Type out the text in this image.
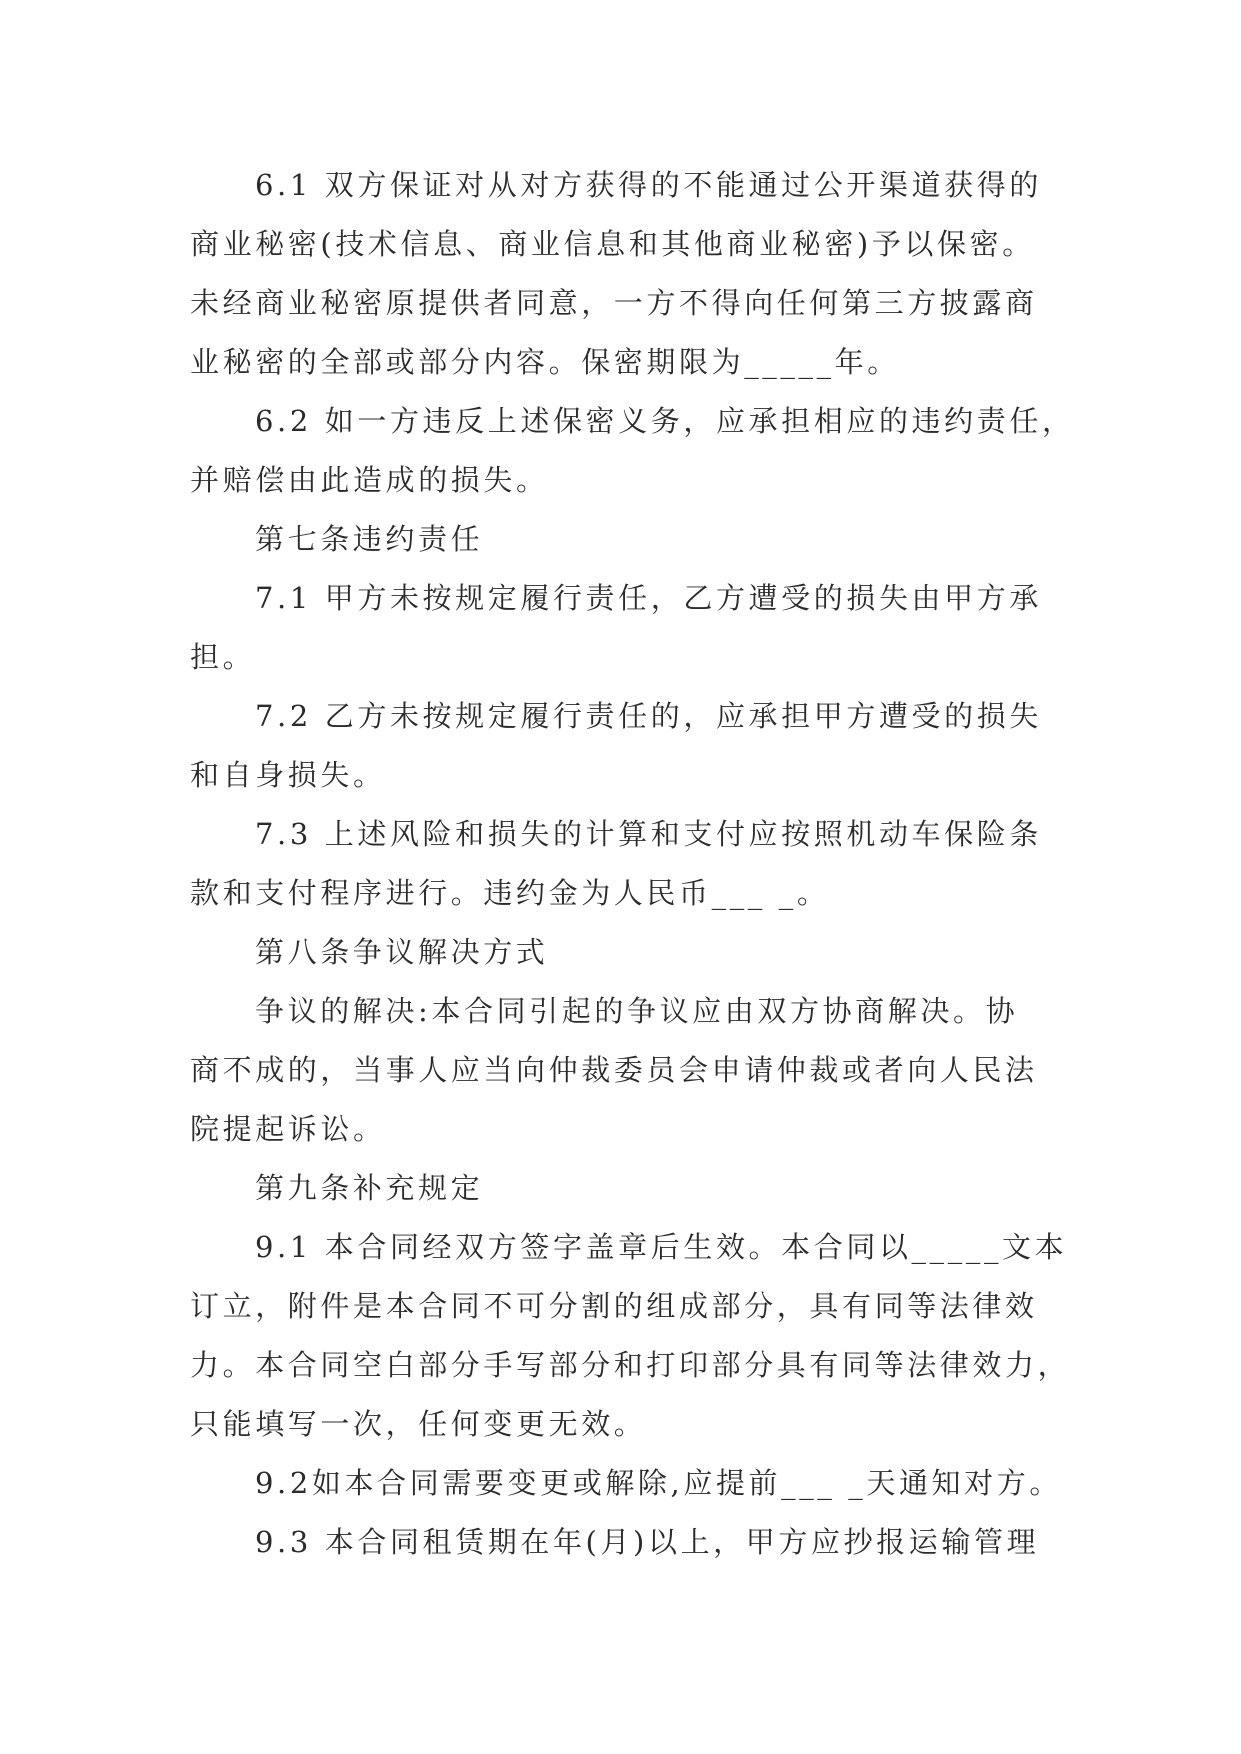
6.1 双方保证对从对方获得的不能通过公开渠道获得的
商业秘密(技术信息、商业信息和其他商业秘密)予以保密。
未经商业秘密原提供者同意，一方不得向任何第三方披露商
业秘密的全部或部分内容。保密期限为_____年。
6.2 如一方违反上述保密义务，应承担相应的违约责任，
并赔偿由此造成的损失。
第七条违约责任
7.1 甲方未按规定履行责任，乙方遭受的损失由甲方承
担。
7.2 乙方未按规定履行责任的，应承担甲方遭受的损失
和自身损失。
7.3 上述风险和损失的计算和支付应按照机动车保险条
款和支付程序进行。违约金为人民币___ _。
第八条争议解决方式
争议的解决:本合同引起的争议应由双方协商解决。协
商不成的，当事人应当向仲裁委员会申请仲裁或者向人民法
院提起诉讼。
第九条补充规定
9.1 本合同经双方签字盖章后生效。本合同以_____文本
订立，附件是本合同不可分割的组成部分，具有同等法律效
力。本合同空白部分手写部分和打印部分具有同等法律效力，
只能填写一次，任何变更无效。
9.2如本合同需要变更或解除,应提前___ _天通知对方。
9.3 本合同租赁期在年(月)以上，甲方应抄报运输管理
